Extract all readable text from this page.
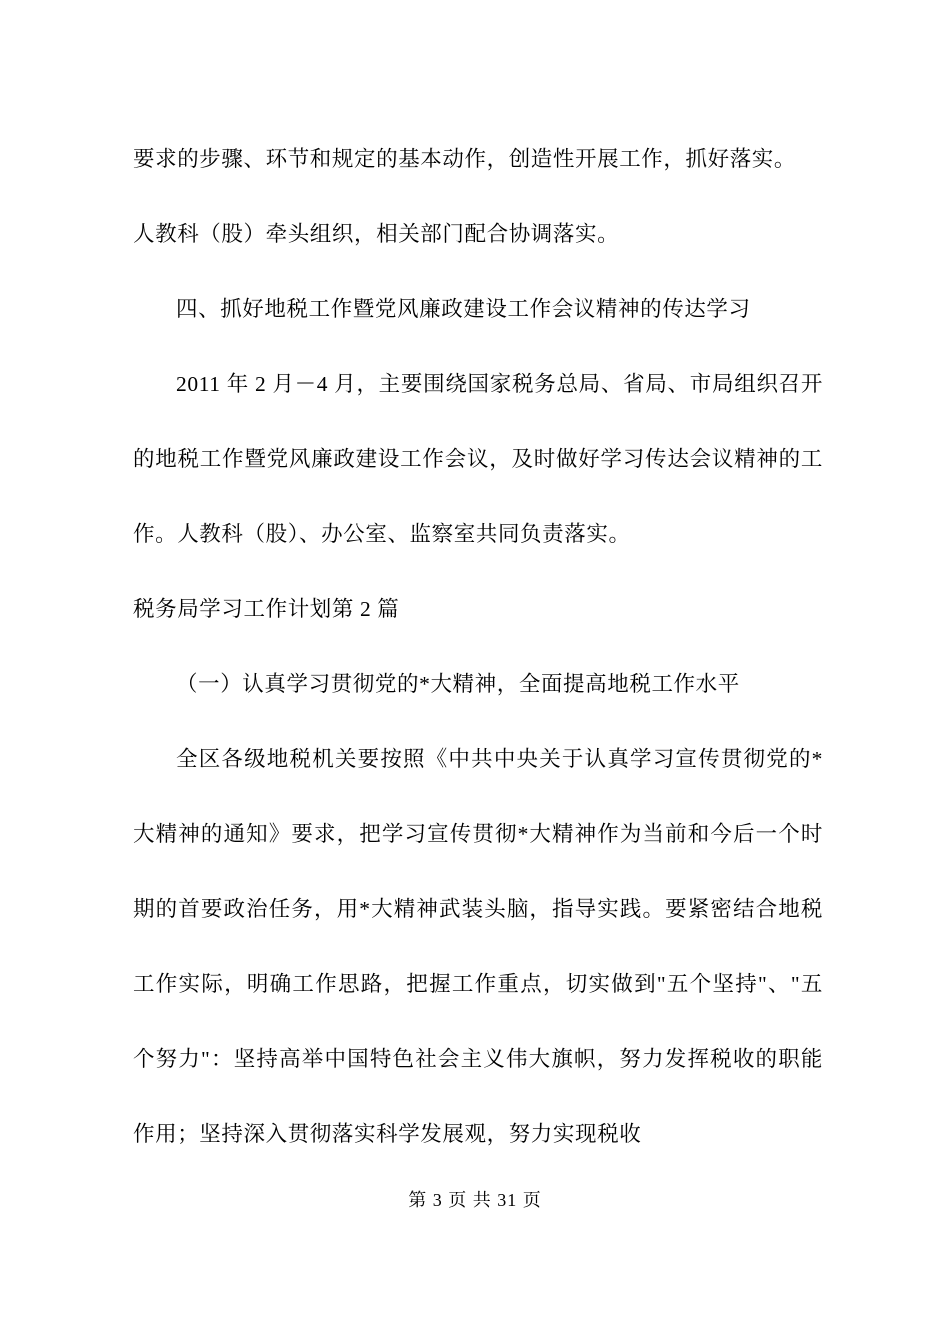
要求的步骤、环节和规定的基本动作，创造性开展工作，抓好落实。

人教科（股）牵头组织，相关部门配合协调落实。

四、抓好地税工作暨党风廉政建设工作会议精神的传达学习

2011 年 2 月－4 月，主要围绕国家税务总局、省局、市局组织召开的地税工作暨党风廉政建设工作会议，及时做好学习传达会议精神的工作。人教科（股）、办公室、监察室共同负责落实。

税务局学习工作计划第 2 篇

（一）认真学习贯彻党的*大精神，全面提高地税工作水平

全区各级地税机关要按照《中共中央关于认真学习宣传贯彻党的*大精神的通知》要求，把学习宣传贯彻*大精神作为当前和今后一个时期的首要政治任务，用*大精神武装头脑，指导实践。要紧密结合地税工作实际，明确工作思路，把握工作重点，切实做到"五个坚持"、"五个努力"：坚持高举中国特色社会主义伟大旗帜，努力发挥税收的职能作用；坚持深入贯彻落实科学发展观，努力实现税收

第 3 页 共 31 页
